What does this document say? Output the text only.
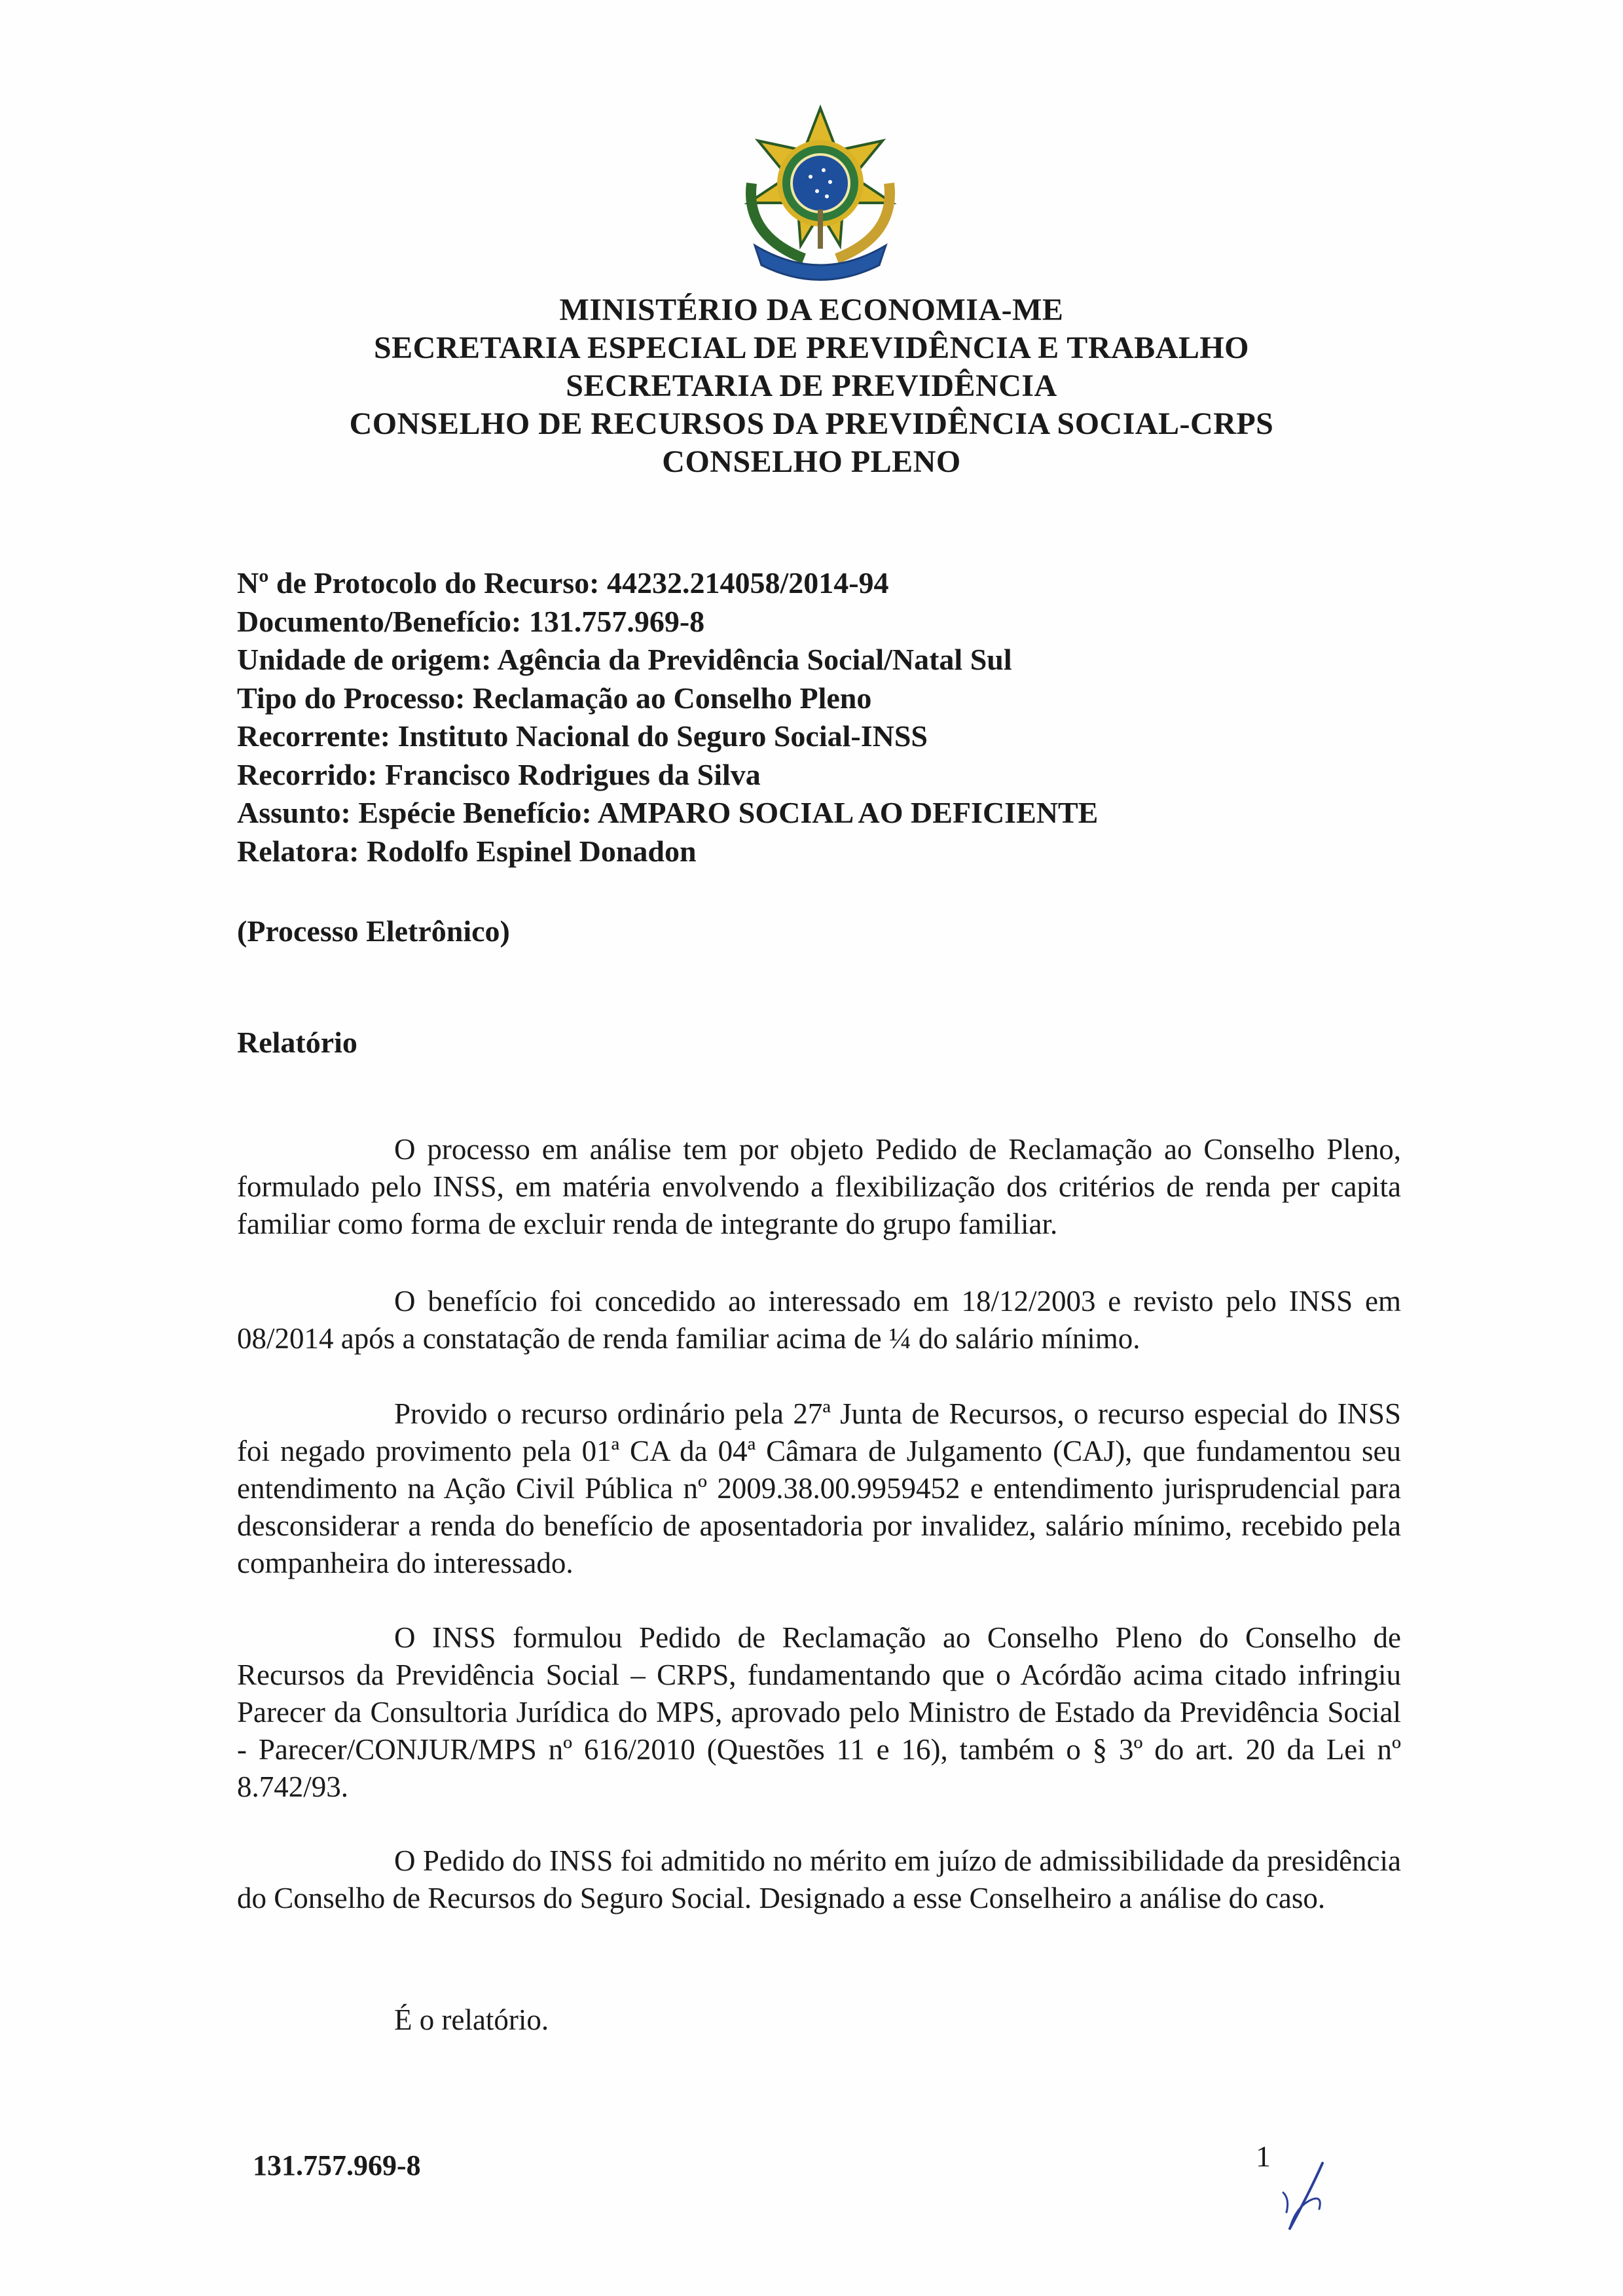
MINISTÉRIO DA ECONOMIA-ME
SECRETARIA ESPECIAL DE PREVIDÊNCIA E TRABALHO
SECRETARIA DE PREVIDÊNCIA
CONSELHO DE RECURSOS DA PREVIDÊNCIA SOCIAL-CRPS
CONSELHO PLENO
Nº de Protocolo do Recurso: 44232.214058/2014-94
Documento/Benefício: 131.757.969-8
Unidade de origem: Agência da Previdência Social/Natal Sul
Tipo do Processo: Reclamação ao Conselho Pleno
Recorrente: Instituto Nacional do Seguro Social-INSS
Recorrido: Francisco Rodrigues da Silva
Assunto: Espécie Benefício: AMPARO SOCIAL AO DEFICIENTE
Relatora: Rodolfo Espinel Donadon
(Processo Eletrônico)
Relatório
O processo em análise tem por objeto Pedido de Reclamação ao Conselho Pleno, formulado pelo INSS, em matéria envolvendo a flexibilização dos critérios de renda per capita familiar como forma de excluir renda de integrante do grupo familiar.
O benefício foi concedido ao interessado em 18/12/2003 e revisto pelo INSS em 08/2014 após a constatação de renda familiar acima de ¼ do salário mínimo.
Provido o recurso ordinário pela 27ª Junta de Recursos, o recurso especial do INSS foi negado provimento pela 01ª CA da 04ª Câmara de Julgamento (CAJ), que fundamentou seu entendimento na Ação Civil Pública nº 2009.38.00.9959452 e entendimento jurisprudencial para desconsiderar a renda do benefício de aposentadoria por invalidez, salário mínimo, recebido pela companheira do interessado.
O INSS formulou Pedido de Reclamação ao Conselho Pleno do Conselho de Recursos da Previdência Social – CRPS, fundamentando que o Acórdão acima citado infringiu Parecer da Consultoria Jurídica do MPS, aprovado pelo Ministro de Estado da Previdência Social - Parecer/CONJUR/MPS nº 616/2010 (Questões 11 e 16), também o § 3º do art. 20 da Lei nº 8.742/93.
O Pedido do INSS foi admitido no mérito em juízo de admissibilidade da presidência do Conselho de Recursos do Seguro Social. Designado a esse Conselheiro a análise do caso.
É o relatório.
131.757.969-8	1
